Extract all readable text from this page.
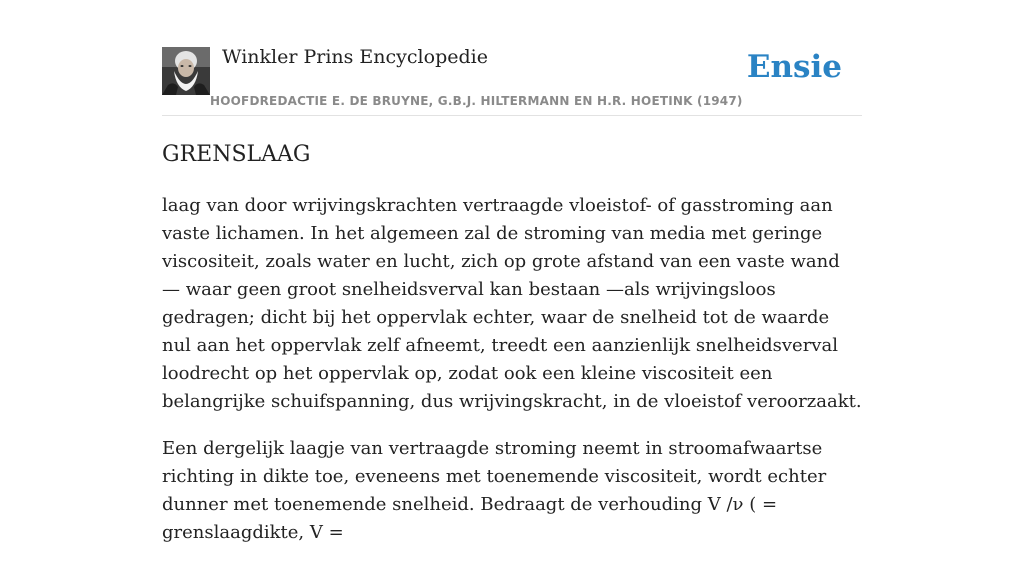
Winkler Prins Encyclopedie
HOOFDREDACTIE E. DE BRUYNE, G.B.J. HILTERMANN EN H.R. HOETINK (1947)
Ensie
GRENSLAAG

laag van door wrijvingskrachten vertraagde vloeistof- of gasstroming aan vaste lichamen. In het algemeen zal de stroming van media met geringe viscositeit, zoals water en lucht, zich op grote afstand van een vaste wand — waar geen groot snelheidsverval kan bestaan —als wrijvingsloos gedragen; dicht bij het oppervlak echter, waar de snelheid tot de waarde nul aan het oppervlak zelf afneemt, treedt een aanzienlijk snelheidsverval loodrecht op het oppervlak op, zodat ook een kleine viscositeit een belangrijke schuifspanning, dus wrijvingskracht, in de vloeistof veroorzaakt.

Een dergelijk laagje van vertraagde stroming neemt in stroomafwaartse richting in dikte toe, eveneens met toenemende viscositeit, wordt echter dunner met toenemende snelheid. Bedraagt de verhouding V /ν ( = grenslaagdikte, V =
